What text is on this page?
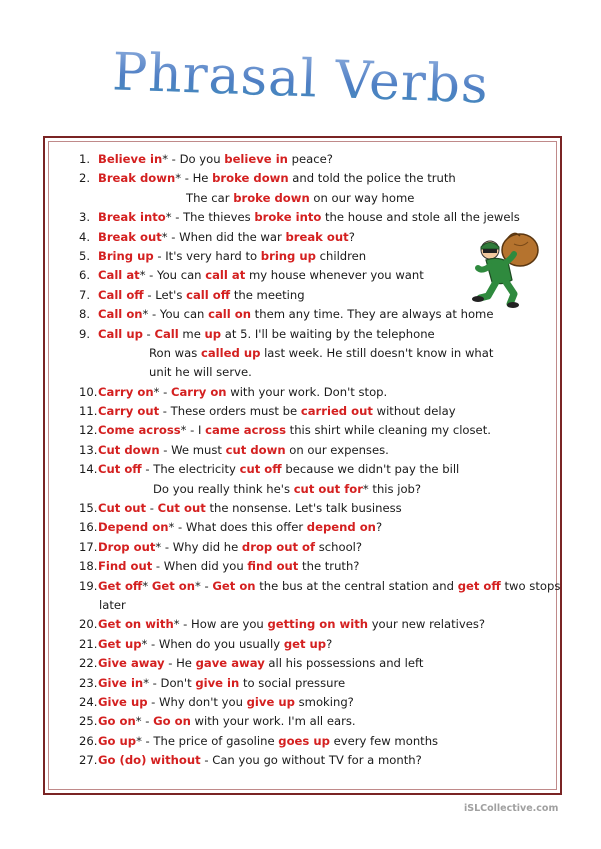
Phrasal Verbs
1. Believe in* - Do you believe in peace?
2. Break down* - He broke down and told the police the truth
The car broke down on our way home
3. Break into* - The thieves broke into the house and stole all the jewels
4. Break out* - When did the war break out?
5. Bring up - It's very hard to bring up children
6. Call at* - You can call at my house whenever you want
7. Call off - Let's call off the meeting
8. Call on* - You can call on them any time. They are always at home
9. Call up - Call me up at 5. I'll be waiting by the telephone
Ron was called up last week. He still doesn't know in what
unit he will serve.
10.Carry on* - Carry on with your work. Don't stop.
11.Carry out - These orders must be carried out without delay
12.Come across* - I came across this shirt while cleaning my closet.
13.Cut down - We must cut down on our expenses.
14.Cut off - The electricity cut off because we didn't pay the bill
Do you really think he's cut out for* this job?
15.Cut out - Cut out the nonsense. Let's talk business
16.Depend on* - What does this offer depend on?
17.Drop out* - Why did he drop out of school?
18.Find out - When did you find out the truth?
19.Get off* Get on* - Get on the bus at the central station and get off two stops
later
20.Get on with* - How are you getting on with your new relatives?
21.Get up* - When do you usually get up?
22.Give away - He gave away all his possessions and left
23.Give in* - Don't give in to social pressure
24.Give up - Why don't you give up smoking?
25.Go on* - Go on with your work. I'm all ears.
26.Go up* - The price of gasoline goes up every few months
27.Go (do) without - Can you go without TV for a month?
iSLCollective.com
